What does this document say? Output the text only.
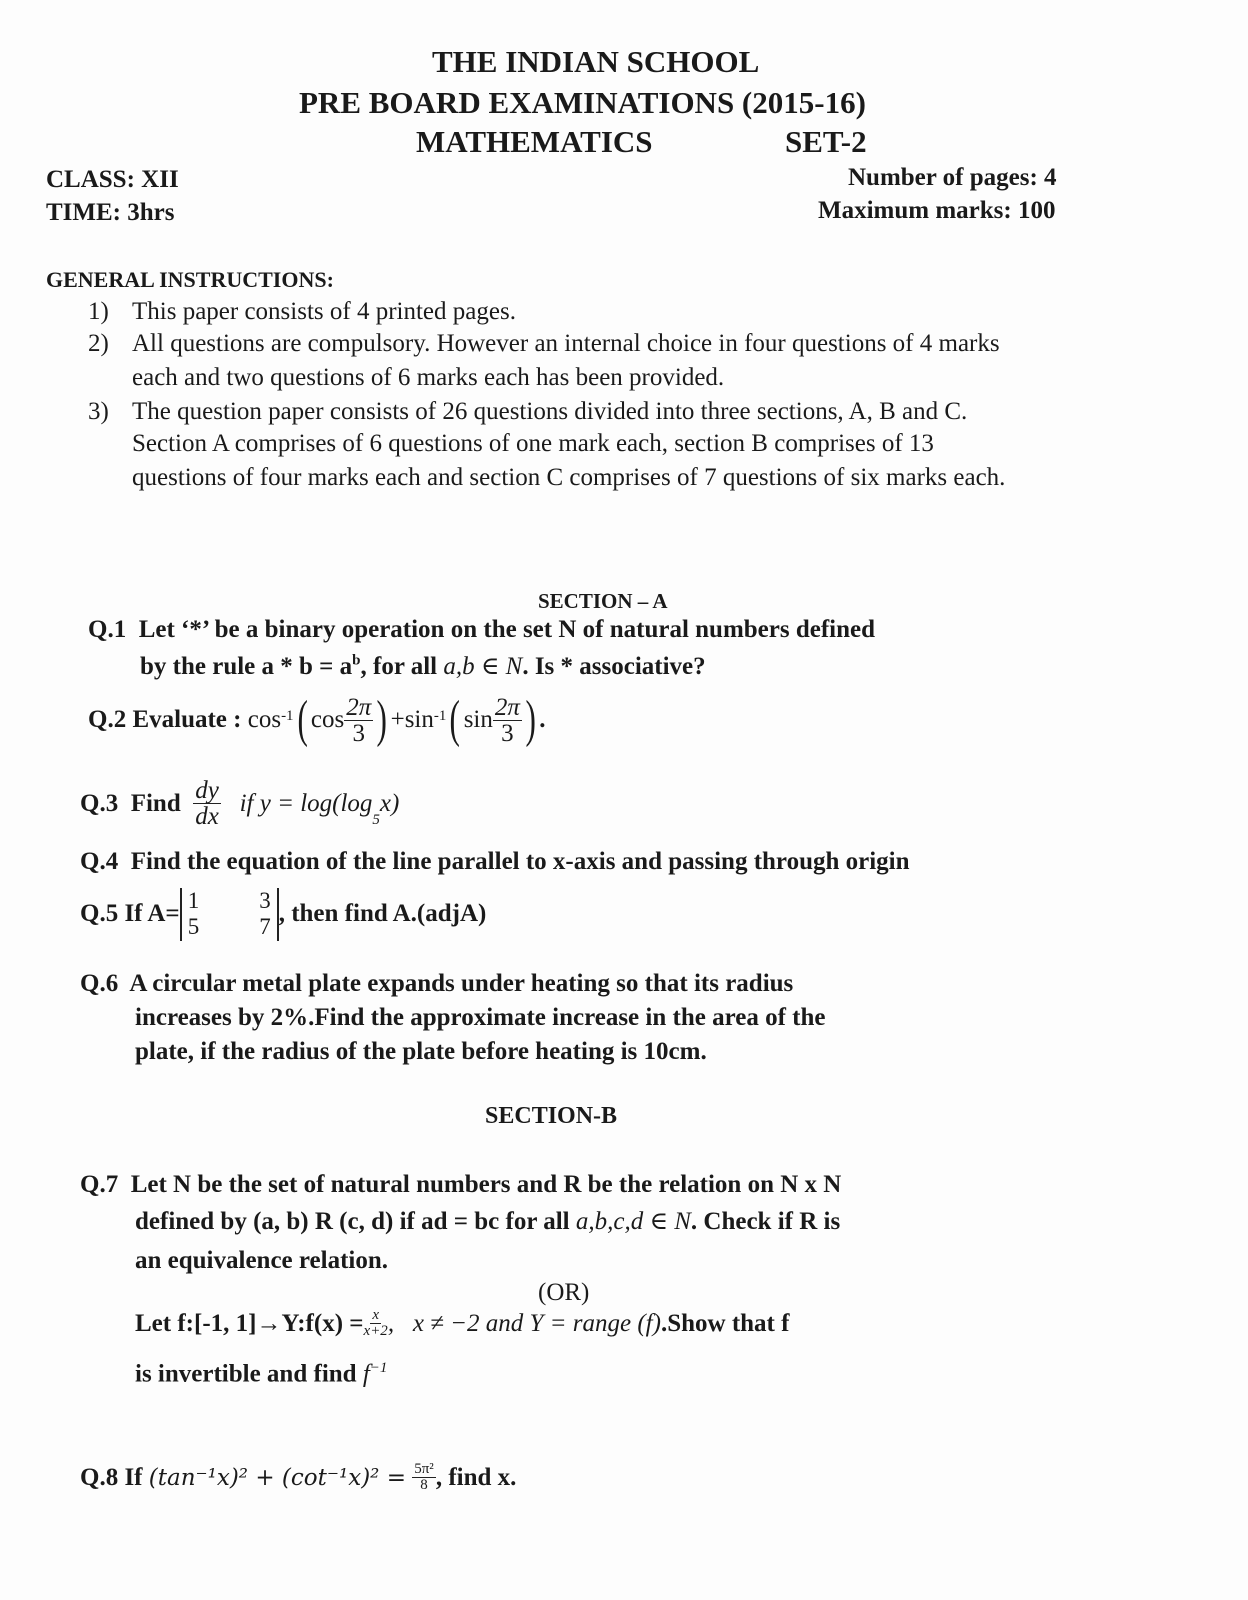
THE INDIAN SCHOOL
PRE BOARD EXAMINATIONS (2015-16)
MATHEMATICS	SET-2
CLASS: XII
TIME: 3hrs
Number of pages: 4
Maximum marks: 100
GENERAL INSTRUCTIONS:
1) This paper consists of 4 printed pages.
2) All questions are compulsory. However an internal choice in four questions of 4 marks
each and two questions of 6 marks each has been provided.
3) The question paper consists of 26 questions divided into three sections, A, B and C.
Section A comprises of 6 questions of one mark each, section B comprises of 13
questions of four marks each and section C comprises of 7 questions of six marks each.
SECTION – A
Q.1 Let ‘*’ be a binary operation on the set N of natural numbers defined
by the rule $a * b = a^b$, for all a,b ∈ N. Is * associative?
Q.2
Evaluate :
cos -1 ( $\cos \frac{2\pi}{3}$ ) + sin -1 ( $\sin \frac{2\pi}{3}$ ) .
Q.3
Find
$\frac{dy}{dx}$
if y = log(log
$_5$
x)
Q.4 Find the equation of the line parallel to x-axis and passing through origin
Q.5
If A= 1	3
5	7 , then find A.(adjA)
Q.6 A circular metal plate expands under heating so that its radius
increases by 2%.Find the approximate increase in the area of the
plate, if the radius of the plate before heating is 10cm.
SECTION-B
Q.7 Let N be the set of natural numbers and R be the relation on N x N
defined by (a, b) R (c, d) if ad = bc for all a,b,c,d ∈ N. Check if R is
an equivalence relation.
(OR)
Let f:[-1, 1]→Y:f(x) = $\frac{x}{x+2}$ ,   x ≠ −2 and Y = range (f) .Show that f
is invertible and find $f^{-1}$
Q.8
If
(tan⁻¹x)² + (cot⁻¹x)² =
$\frac{\text{5π²}}{8}$ , find x.
